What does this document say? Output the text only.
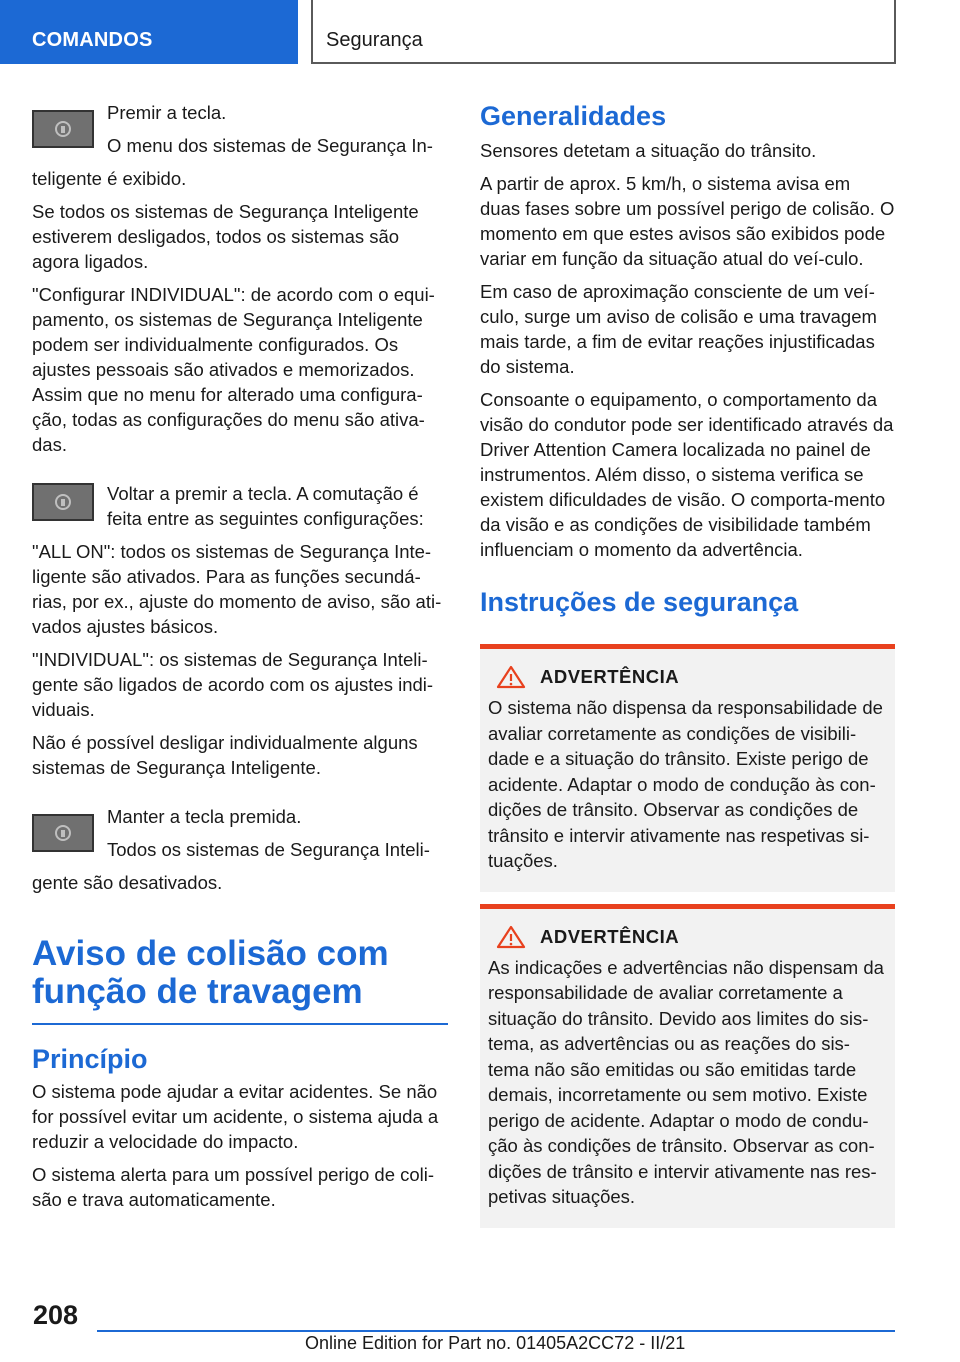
COMANDOS	Segurança

Premir a tecla.

O menu dos sistemas de Segurança In-

teligente é exibido.

Se todos os sistemas de Segurança Inteligente estiverem desligados, todos os sistemas são agora ligados.

"Configurar INDIVIDUAL": de acordo com o equi-pamento, os sistemas de Segurança Inteligente podem ser individualmente configurados. Os ajustes pessoais são ativados e memorizados. Assim que no menu for alterado uma configura-ção, todas as configurações do menu são ativa-das.

Voltar a premir a tecla. A comutação é feita entre as seguintes configurações:

"ALL ON": todos os sistemas de Segurança Inte-ligente são ativados. Para as funções secundá-rias, por ex., ajuste do momento de aviso, são ati-vados ajustes básicos.

"INDIVIDUAL": os sistemas de Segurança Inteli-gente são ligados de acordo com os ajustes indi-viduais.

Não é possível desligar individualmente alguns sistemas de Segurança Inteligente.

Manter a tecla premida.

Todos os sistemas de Segurança Inteli-

gente são desativados.

Aviso de colisão com função de travagem
Princípio

O sistema pode ajudar a evitar acidentes. Se não for possível evitar um acidente, o sistema ajuda a reduzir a velocidade do impacto.

O sistema alerta para um possível perigo de coli-são e trava automaticamente.

Generalidades

Sensores detetam a situação do trânsito.

A partir de aprox. 5 km/h, o sistema avisa em duas fases sobre um possível perigo de colisão. O momento em que estes avisos são exibidos pode variar em função da situação atual do veí-culo.

Em caso de aproximação consciente de um veí-culo, surge um aviso de colisão e uma travagem mais tarde, a fim de evitar reações injustificadas do sistema.

Consoante o equipamento, o comportamento da visão do condutor pode ser identificado através da Driver Attention Camera localizada no painel de instrumentos. Além disso, o sistema verifica se existem dificuldades de visão. O comporta-mento da visão e as condições de visibilidade também influenciam o momento da advertência.

Instruções de segurança
ADVERTÊNCIA

O sistema não dispensa da responsabilidade de avaliar corretamente as condições de visibili-dade e a situação do trânsito. Existe perigo de acidente. Adaptar o modo de condução às con-dições de trânsito. Observar as condições de trânsito e intervir ativamente nas respetivas si-tuações.

ADVERTÊNCIA

As indicações e advertências não dispensam da responsabilidade de avaliar corretamente a situação do trânsito. Devido aos limites do sis-tema, as advertências ou as reações do sis-tema não são emitidas ou são emitidas tarde demais, incorretamente ou sem motivo. Existe perigo de acidente. Adaptar o modo de condu-ção às condições de trânsito. Observar as con-dições de trânsito e intervir ativamente nas res-petivas situações.

208
Online Edition for Part no. 01405A2CC72 - II/21
